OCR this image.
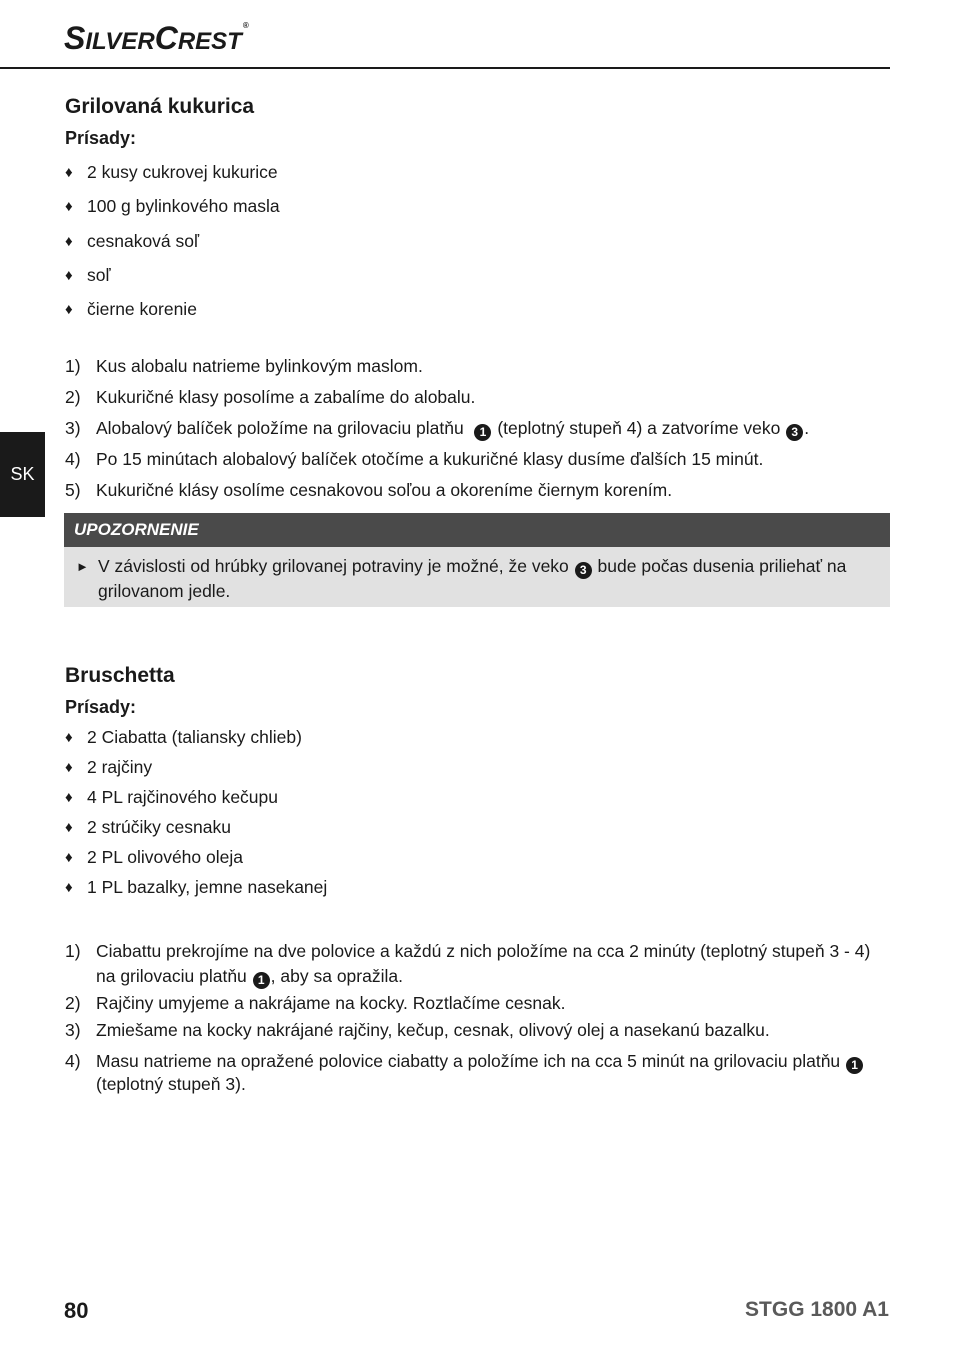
SILVERCREST®
SK
Grilovaná kukurica
Prísady:
♦ 2 kusy cukrovej kukurice
♦ 100 g bylinkového masla
♦ cesnaková soľ
♦ soľ
♦ čierne korenie
1) Kus alobalu natrieme bylinkovým maslom.
2) Kukuričné klasy posolíme a zabalíme do alobalu.
3) Alobalový balíček položíme na grilovaciu platňu 1 (teplotný stupeň 4) a zatvoríme veko 3 .
4) Po 15 minútach alobalový balíček otočíme a kukuričné klasy dusíme ďalších 15 minút.
5) Kukuričné klásy osolíme cesnakovou soľou a okoreníme čiernym korením.
UPOZORNENIE
► V závislosti od hrúbky grilovanej potraviny je možné, že veko 3 bude počas dusenia priliehať na grilovanom jedle.
Bruschetta
Prísady:
♦ 2 Ciabatta (taliansky chlieb)
♦ 2 rajčiny
♦ 4 PL rajčinového kečupu
♦ 2 strúčiky cesnaku
♦ 2 PL olivového oleja
♦ 1 PL bazalky, jemne nasekanej
1) Ciabattu prekrojíme na dve polovice a každú z nich položíme na cca 2 minúty (teplotný stupeň 3 - 4) na grilovaciu platňu 1 , aby sa opražila.
2) Rajčiny umyjeme a nakrájame na kocky. Roztlačíme cesnak.
3) Zmiešame na kocky nakrájané rajčiny, kečup, cesnak, olivový olej a nasekanú bazalku.
4) Masu natrieme na opražené polovice ciabatty a položíme ich na cca 5 minút na grilovaciu platňu 1 (teplotný stupeň 3).
80	STGG 1800 A1
